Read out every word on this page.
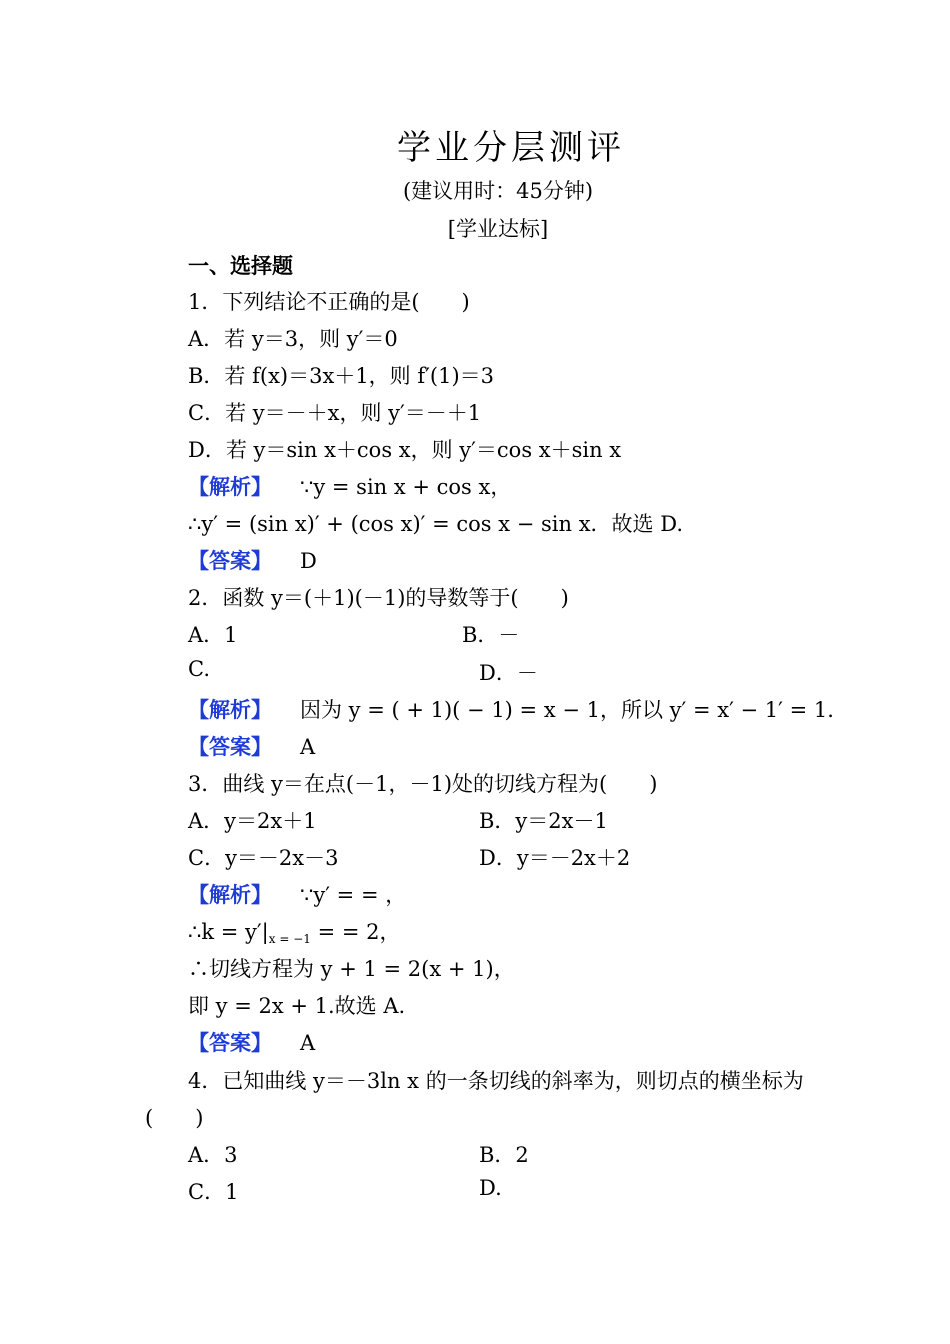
学业分层测评
(建议用时：45分钟)
[学业达标]
一、选择题
1．下列结论不正确的是(　　)
A．若 y＝3，则 y′＝0
B．若 f(x)＝3x＋1，则 f′(1)＝3
C．若 y＝－＋x，则 y′＝－＋1
D．若 y＝sin x＋cos x，则 y′＝cos x＋sin x
【解析】 ∵y = sin x + cos x，
∴y′ = (sin x)′ + (cos x)′ = cos x − sin x．故选 D.
【答案】 D
2．函数 y＝(＋1)(－1)的导数等于(　　)
A．1	B．－
C.	D．－
【解析】 因为 y = ( + 1)( − 1) = x − 1，所以 y′ = x′ − 1′ = 1.
【答案】 A
3．曲线 y＝在点(－1，－1)处的切线方程为(　　)
A．y＝2x＋1	B．y＝2x－1
C．y＝－2x－3	D．y＝－2x＋2
【解析】 ∵y′ = = ，
∴k = $y'|_{x = -1}$ = = 2，
∴切线方程为 y + 1 = 2(x + 1)，
即 y = 2x + 1.故选 A.
【答案】 A
4．已知曲线 y＝－3ln x 的一条切线的斜率为，则切点的横坐标为
(　　)
A．3	B．2
C．1	D.
